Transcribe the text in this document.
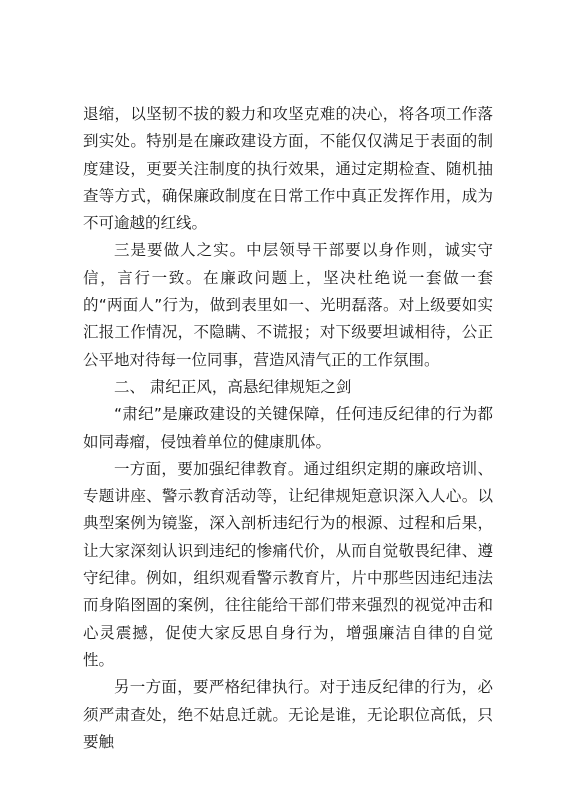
退缩，以坚韧不拔的毅力和攻坚克难的决心，将各项工作落到实处。特别是在廉政建设方面，不能仅仅满足于表面的制度建设，更要关注制度的执行效果，通过定期检查、随机抽查等方式，确保廉政制度在日常工作中真正发挥作用，成为不可逾越的红线。

三是要做人之实。中层领导干部要以身作则，诚实守信，言行一致。在廉政问题上，坚决杜绝说一套做一套的“两面人”行为，做到表里如一、光明磊落。对上级要如实汇报工作情况，不隐瞒、不谎报；对下级要坦诚相待，公正公平地对待每一位同事，营造风清气正的工作氛围。

二、 肃纪正风，高悬纪律规矩之剑

“肃纪”是廉政建设的关键保障，任何违反纪律的行为都如同毒瘤，侵蚀着单位的健康肌体。

一方面，要加强纪律教育。通过组织定期的廉政培训、专题讲座、警示教育活动等，让纪律规矩意识深入人心。以典型案例为镜鉴，深入剖析违纪行为的根源、过程和后果，让大家深刻认识到违纪的惨痛代价，从而自觉敬畏纪律、遵守纪律。例如，组织观看警示教育片，片中那些因违纪违法而身陷囹圄的案例，往往能给干部们带来强烈的视觉冲击和心灵震撼，促使大家反思自身行为，增强廉洁自律的自觉性。

另一方面，要严格纪律执行。对于违反纪律的行为，必须严肃查处，绝不姑息迁就。无论是谁，无论职位高低，只要触
